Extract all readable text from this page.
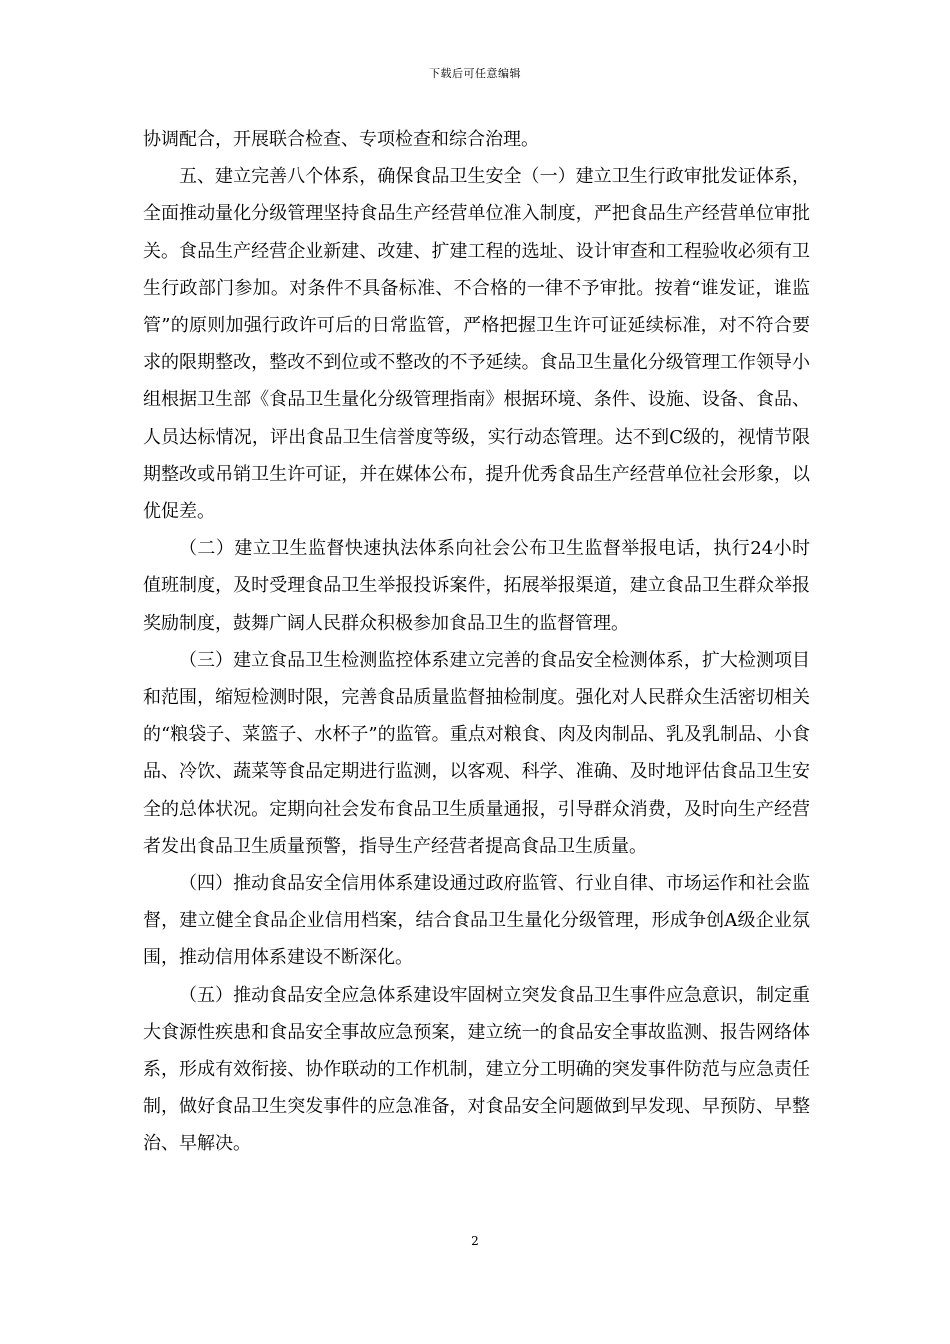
下载后可任意编辑

协调配合，开展联合检查、专项检查和综合治理。

五、建立完善八个体系，确保食品卫生安全（一）建立卫生行政审批发证体系，全面推动量化分级管理坚持食品生产经营单位准入制度，严把食品生产经营单位审批关。食品生产经营企业新建、改建、扩建工程的选址、设计审查和工程验收必须有卫生行政部门参加。对条件不具备标准、不合格的一律不予审批。按着“谁发证，谁监管”的原则加强行政许可后的日常监管，严格把握卫生许可证延续标准，对不符合要求的限期整改，整改不到位或不整改的不予延续。食品卫生量化分级管理工作领导小组根据卫生部《食品卫生量化分级管理指南》根据环境、条件、设施、设备、食品、人员达标情况，评出食品卫生信誉度等级，实行动态管理。达不到C级的，视情节限期整改或吊销卫生许可证，并在媒体公布，提升优秀食品生产经营单位社会形象，以优促差。

（二）建立卫生监督快速执法体系向社会公布卫生监督举报电话，执行24小时值班制度，及时受理食品卫生举报投诉案件，拓展举报渠道，建立食品卫生群众举报奖励制度，鼓舞广阔人民群众积极参加食品卫生的监督管理。

（三）建立食品卫生检测监控体系建立完善的食品安全检测体系，扩大检测项目和范围，缩短检测时限，完善食品质量监督抽检制度。强化对人民群众生活密切相关的“粮袋子、菜篮子、水杯子”的监管。重点对粮食、肉及肉制品、乳及乳制品、小食品、冷饮、蔬菜等食品定期进行监测，以客观、科学、准确、及时地评估食品卫生安全的总体状况。定期向社会发布食品卫生质量通报，引导群众消费，及时向生产经营者发出食品卫生质量预警，指导生产经营者提高食品卫生质量。

（四）推动食品安全信用体系建设通过政府监管、行业自律、市场运作和社会监督，建立健全食品企业信用档案，结合食品卫生量化分级管理，形成争创A级企业氛围，推动信用体系建设不断深化。

（五）推动食品安全应急体系建设牢固树立突发食品卫生事件应急意识，制定重大食源性疾患和食品安全事故应急预案，建立统一的食品安全事故监测、报告网络体系，形成有效衔接、协作联动的工作机制，建立分工明确的突发事件防范与应急责任制，做好食品卫生突发事件的应急准备，对食品安全问题做到早发现、早预防、早整治、早解决。

2
